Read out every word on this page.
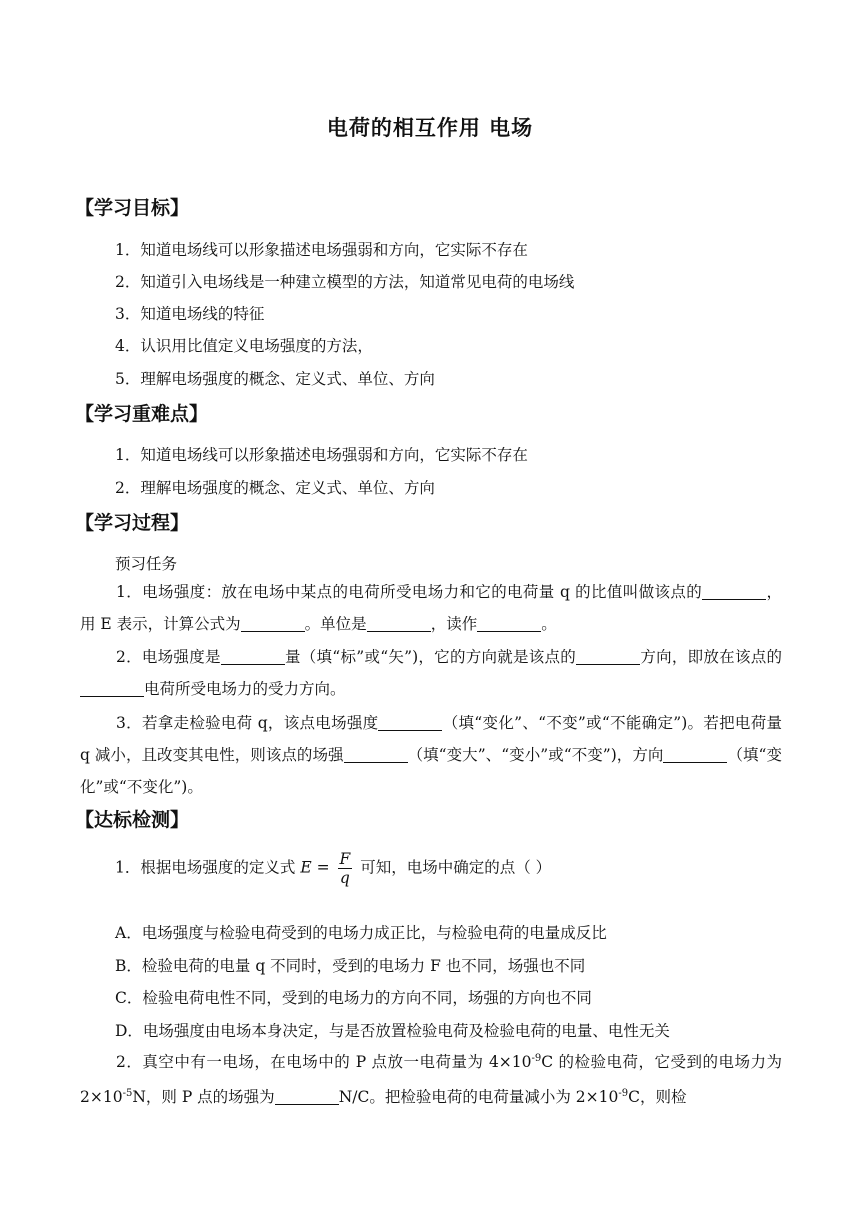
电荷的相互作用 电场
【学习目标】
1．知道电场线可以形象描述电场强弱和方向，它实际不存在
2．知道引入电场线是一种建立模型的方法，知道常见电荷的电场线
3．知道电场线的特征
4．认识用比值定义电场强度的方法，
5．理解电场强度的概念、定义式、单位、方向
【学习重难点】
1．知道电场线可以形象描述电场强弱和方向，它实际不存在
2．理解电场强度的概念、定义式、单位、方向
【学习过程】
预习任务
1．电场强度：放在电场中某点的电荷所受电场力和它的电荷量 q 的比值叫做该点的	，用 E 表示，计算公式为	。单位是	，读作	。
2．电场强度是	量（填“标”或“矢”)，它的方向就是该点的	方向，即放在该点的电荷所受电场力的受力方向。
3．若拿走检验电荷 q，该点电场强度	（填“变化”、“不变”或“不能确定”)。若把电荷量 q 减小，且改变其电性，则该点的场强	（填“变大”、“变小”或“不变”)，方向	（填“变化”或“不变化”)。
【达标检测】
1．根据电场强度的定义式 $E = \frac{F}{q}$ 可知，电场中确定的点（ ）
A．电场强度与检验电荷受到的电场力成正比，与检验电荷的电量成反比
B．检验电荷的电量 q 不同时，受到的电场力 F 也不同，场强也不同
C．检验电荷电性不同，受到的电场力的方向不同，场强的方向也不同
D．电场强度由电场本身决定，与是否放置检验电荷及检验电荷的电量、电性无关
2．真空中有一电场，在电场中的 P 点放一电荷量为 $4\times 10^{-9}C$ 的检验电荷，它受到的电场力为 $2\times 10^{-5}N$，则 P 点的场强为	N/C。把检验电荷的电荷量减小为 $2\times 10^{-9}C$，则检
